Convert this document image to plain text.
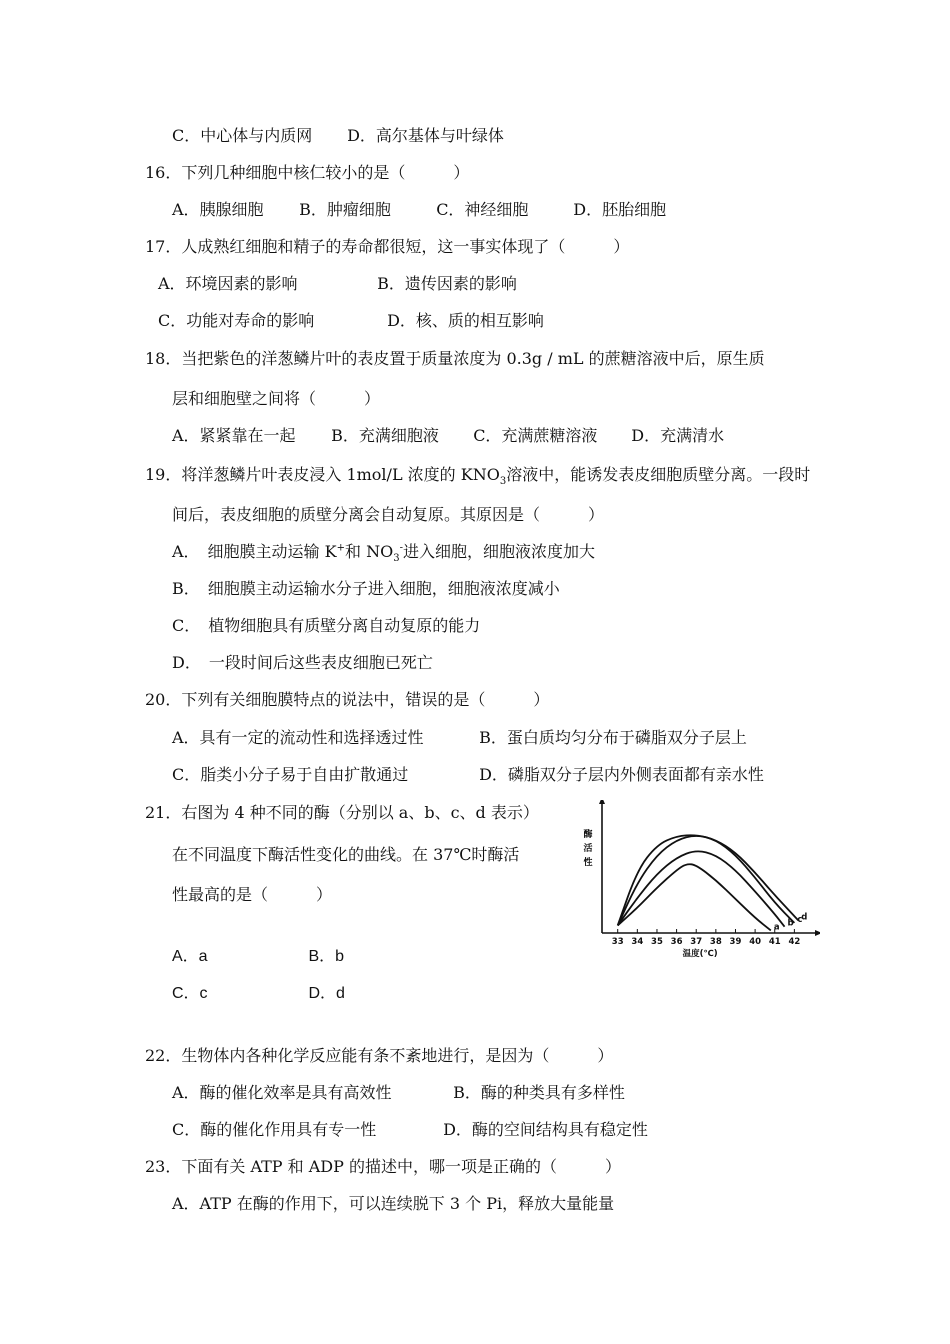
C．中心体与内质网 D．高尔基体与叶绿体
16．下列几种细胞中核仁较小的是（　　　）
A．胰腺细胞 B．肿瘤细胞	C．神经细胞	D．胚胎细胞
17．人成熟红细胞和精子的寿命都很短，这一事实体现了（　　　）
A．环境因素的影响	B．遗传因素的影响
C．功能对寿命的影响	D．核、质的相互影响
18．当把紫色的洋葱鳞片叶的表皮置于质量浓度为 0.3g / mL 的蔗糖溶液中后，原生质
层和细胞壁之间将（　　　）
A．紧紧靠在一起 B．充满细胞液 C．充满蔗糖溶液 D．充满清水
19．将洋葱鳞片叶表皮浸入 1mol/L 浓度的 $KNO_3$溶液中，能诱发表皮细胞质壁分离。一段时
间后，表皮细胞的质壁分离会自动复原。其原因是（　　　）
A．　细胞膜主动运输 K+和 $NO_3^-$进入细胞，细胞液浓度加大
B．　细胞膜主动运输水分子进入细胞，细胞液浓度减小
C．　植物细胞具有质壁分离自动复原的能力
D．　一段时间后这些表皮细胞已死亡
20．下列有关细胞膜特点的说法中，错误的是（　　　）
A．具有一定的流动性和选择透过性	B．蛋白质均匀分布于磷脂双分子层上
C．脂类小分子易于自由扩散通过	D．磷脂双分子层内外侧表面都有亲水性
21．右图为 4 种不同的酶（分别以 a、b、c、d 表示）
在不同温度下酶活性变化的曲线。在 37℃时酶活
性最高的是（　　　）
A．a	B．b
C．c	D．d
33 34 35 36 37 38 39 40 41 42
酶
活
性
温度(℃)
a b c
d
22．生物体内各种化学反应能有条不紊地进行，是因为（　　　）
A．酶的催化效率是具有高效性	B．酶的种类具有多样性
C．酶的催化作用具有专一性	D．酶的空间结构具有稳定性
23．下面有关 ATP 和 ADP 的描述中，哪一项是正确的（　　　）
A．ATP 在酶的作用下，可以连续脱下 3 个 Pi，释放大量能量
